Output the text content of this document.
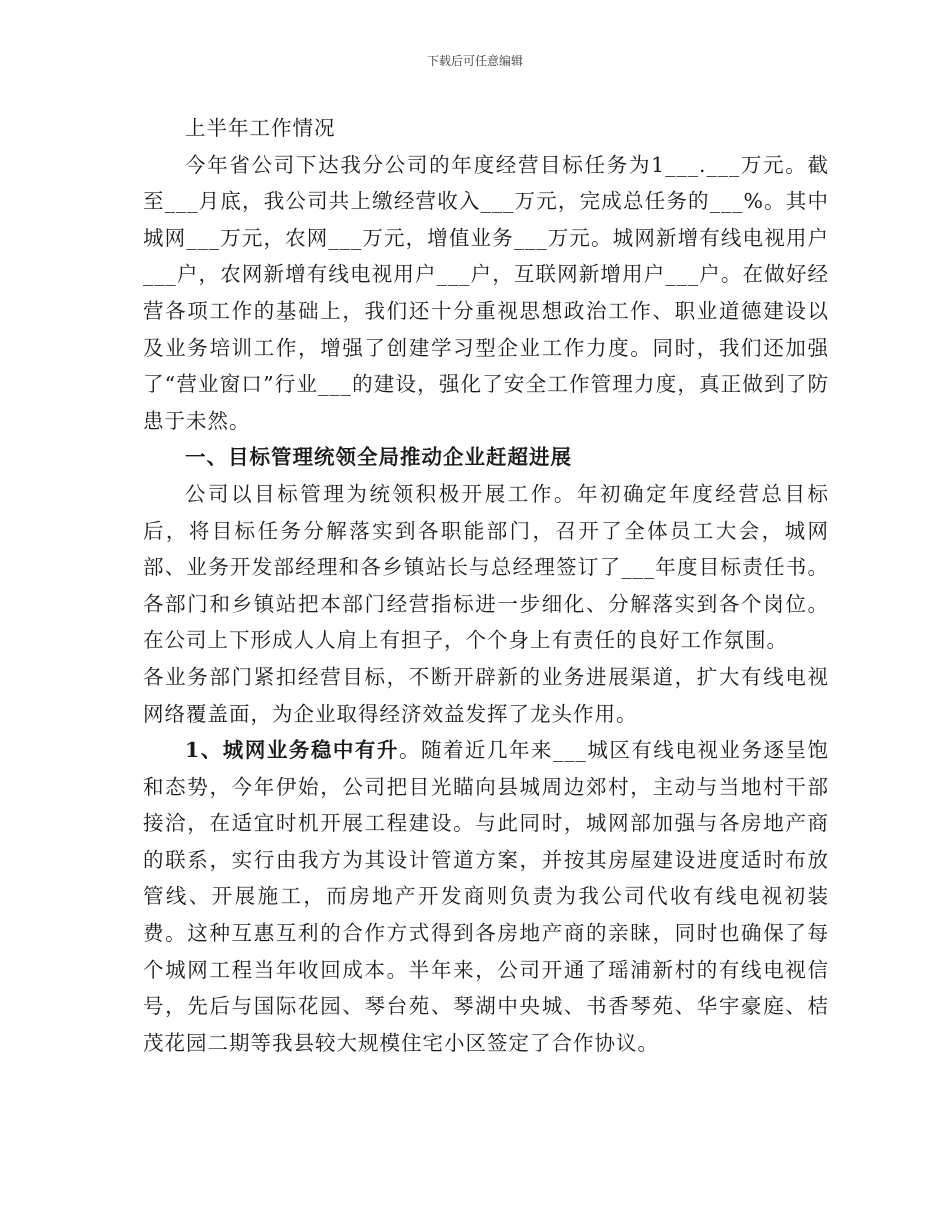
下载后可任意编辑

上半年工作情况

今年省公司下达我分公司的年度经营目标任务为1___.___万元。截至___月底，我公司共上缴经营收入___万元，完成总任务的___%。其中城网___万元，农网___万元，增值业务___万元。城网新增有线电视用户___户，农网新增有线电视用户___户，互联网新增用户___户。在做好经营各项工作的基础上，我们还十分重视思想政治工作、职业道德建设以及业务培训工作，增强了创建学习型企业工作力度。同时，我们还加强了“营业窗口”行业___的建设，强化了安全工作管理力度，真正做到了防患于未然。

一、目标管理统领全局推动企业赶超进展

公司以目标管理为统领积极开展工作。年初确定年度经营总目标后，将目标任务分解落实到各职能部门，召开了全体员工大会，城网部、业务开发部经理和各乡镇站长与总经理签订了___年度目标责任书。各部门和乡镇站把本部门经营指标进一步细化、分解落实到各个岗位。在公司上下形成人人肩上有担子，个个身上有责任的良好工作氛围。

各业务部门紧扣经营目标，不断开辟新的业务进展渠道，扩大有线电视网络覆盖面，为企业取得经济效益发挥了龙头作用。

1、城网业务稳中有升。随着近几年来___城区有线电视业务逐呈饱和态势，今年伊始，公司把目光瞄向县城周边郊村，主动与当地村干部接洽，在适宜时机开展工程建设。与此同时，城网部加强与各房地产商的联系，实行由我方为其设计管道方案，并按其房屋建设进度适时布放管线、开展施工，而房地产开发商则负责为我公司代收有线电视初装费。这种互惠互利的合作方式得到各房地产商的亲睐，同时也确保了每个城网工程当年收回成本。半年来，公司开通了瑶浦新村的有线电视信号，先后与国际花园、琴台苑、琴湖中央城、书香琴苑、华宇豪庭、桔茂花园二期等我县较大规模住宅小区签定了合作协议。
